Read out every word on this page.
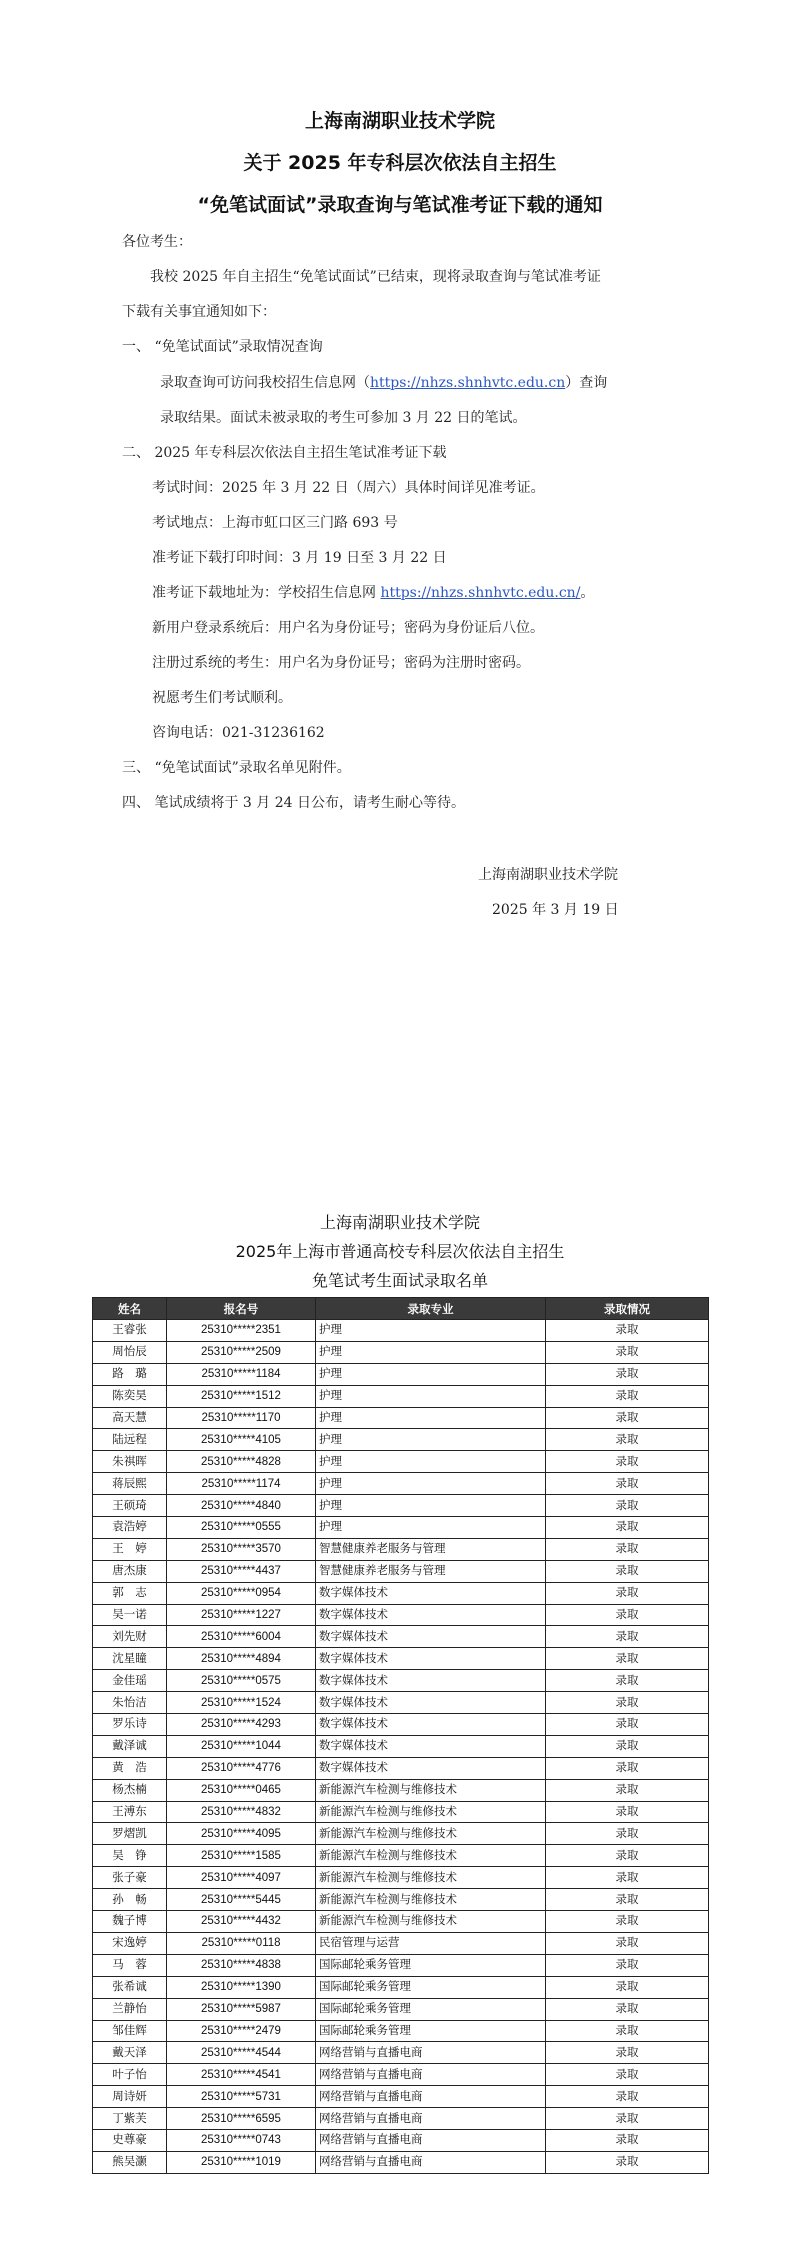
上海南湖职业技术学院
关于 2025 年专科层次依法自主招生
“免笔试面试”录取查询与笔试准考证下载的通知
各位考生：
我校 2025 年自主招生“免笔试面试”已结束，现将录取查询与笔试准考证
下载有关事宜通知如下：
一、 “免笔试面试”录取情况查询
录取查询可访问我校招生信息网（https://nhzs.shnhvtc.edu.cn）查询
录取结果。面试未被录取的考生可参加 3 月 22 日的笔试。
二、 2025 年专科层次依法自主招生笔试准考证下载
考试时间：2025 年 3 月 22 日（周六）具体时间详见准考证。
考试地点：上海市虹口区三门路 693 号
准考证下载打印时间：3 月 19 日至 3 月 22 日
准考证下载地址为：学校招生信息网 https://nhzs.shnhvtc.edu.cn/。
新用户登录系统后：用户名为身份证号；密码为身份证后八位。
注册过系统的考生：用户名为身份证号；密码为注册时密码。
祝愿考生们考试顺利。
咨询电话：021-31236162
三、 “免笔试面试”录取名单见附件。
四、 笔试成绩将于 3 月 24 日公布，请考生耐心等待。
上海南湖职业技术学院
2025 年 3 月 19 日
上海南湖职业技术学院
2025年上海市普通高校专科层次依法自主招生
免笔试考生面试录取名单
姓名	报名号	录取专业	录取情况
王睿张	25310*****2351	护理	录取
周怡辰	25310*****2509	护理	录取
路　璐	25310*****1184	护理	录取
陈奕昊	25310*****1512	护理	录取
高天慧	25310*****1170	护理	录取
陆远程	25310*****4105	护理	录取
朱祺晖	25310*****4828	护理	录取
蒋辰熙	25310*****1174	护理	录取
王硕琦	25310*****4840	护理	录取
袁浩婷	25310*****0555	护理	录取
王　婷	25310*****3570	智慧健康养老服务与管理	录取
唐杰康	25310*****4437	智慧健康养老服务与管理	录取
郭　志	25310*****0954	数字媒体技术	录取
吴一诺	25310*****1227	数字媒体技术	录取
刘先财	25310*****6004	数字媒体技术	录取
沈星瞳	25310*****4894	数字媒体技术	录取
金佳瑶	25310*****0575	数字媒体技术	录取
朱怡洁	25310*****1524	数字媒体技术	录取
罗乐诗	25310*****4293	数字媒体技术	录取
戴泽诚	25310*****1044	数字媒体技术	录取
黄　浩	25310*****4776	数字媒体技术	录取
杨杰楠	25310*****0465	新能源汽车检测与维修技术	录取
王溥东	25310*****4832	新能源汽车检测与维修技术	录取
罗熠凯	25310*****4095	新能源汽车检测与维修技术	录取
吴　铮	25310*****1585	新能源汽车检测与维修技术	录取
张子豪	25310*****4097	新能源汽车检测与维修技术	录取
孙　畅	25310*****5445	新能源汽车检测与维修技术	录取
魏子博	25310*****4432	新能源汽车检测与维修技术	录取
宋逸婷	25310*****0118	民宿管理与运营	录取
马　蓉	25310*****4838	国际邮轮乘务管理	录取
张希诚	25310*****1390	国际邮轮乘务管理	录取
兰静怡	25310*****5987	国际邮轮乘务管理	录取
邹佳辉	25310*****2479	国际邮轮乘务管理	录取
戴天泽	25310*****4544	网络营销与直播电商	录取
叶子怡	25310*****4541	网络营销与直播电商	录取
周诗妍	25310*****5731	网络营销与直播电商	录取
丁紫芙	25310*****6595	网络营销与直播电商	录取
史尊豪	25310*****0743	网络营销与直播电商	录取
熊吴灏	25310*****1019	网络营销与直播电商	录取
